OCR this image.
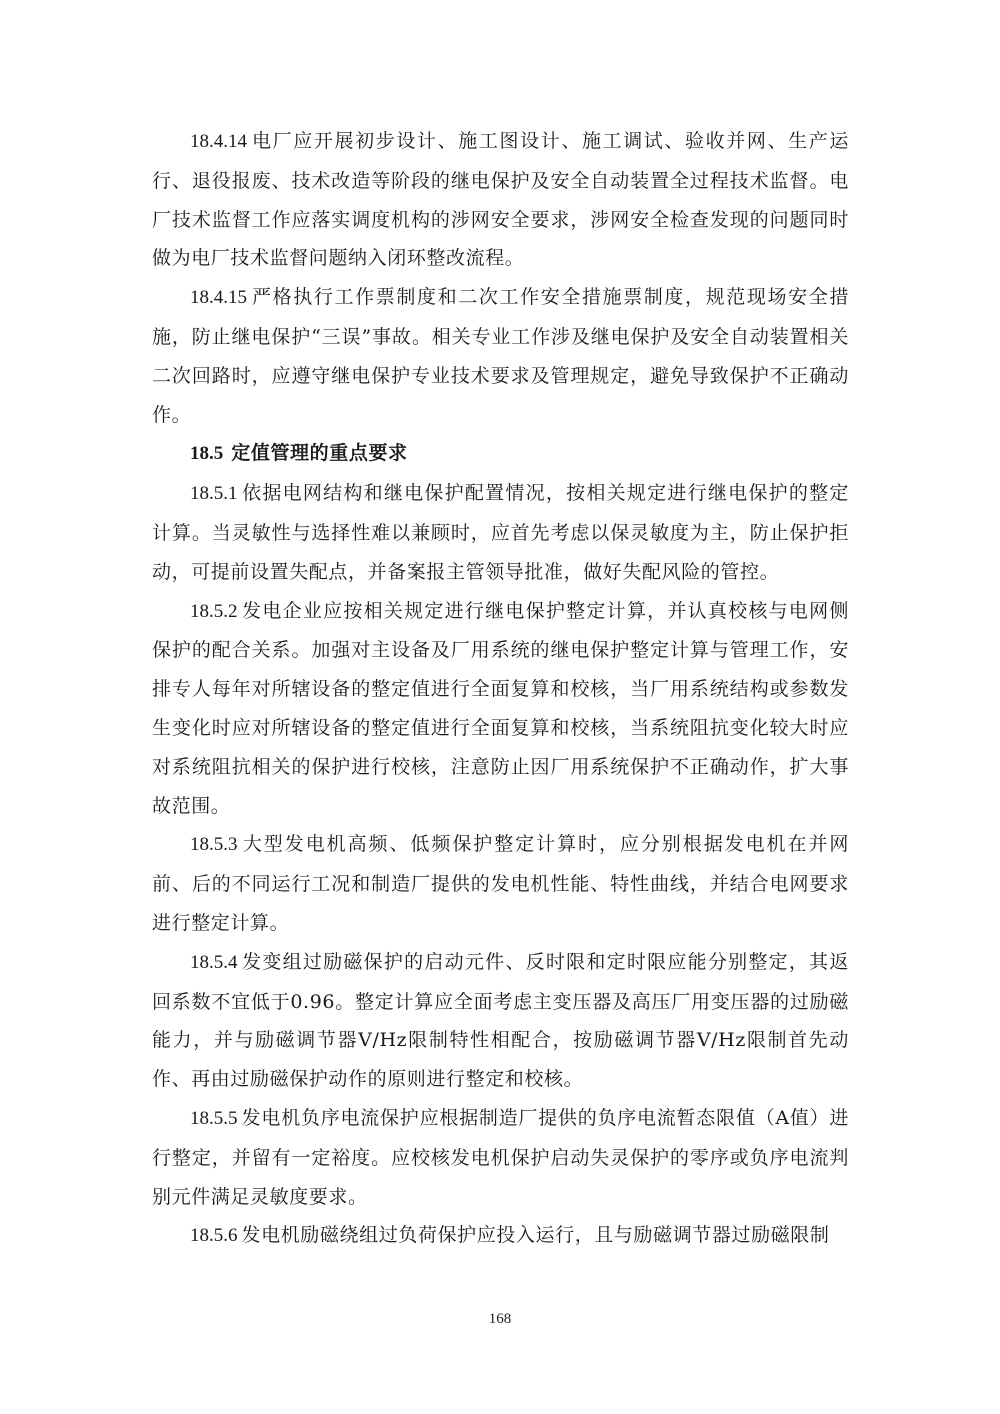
18.4.14 电厂应开展初步设计、施工图设计、施工调试、验收并网、生产运行、退役报废、技术改造等阶段的继电保护及安全自动装置全过程技术监督。电厂技术监督工作应落实调度机构的涉网安全要求，涉网安全检查发现的问题同时做为电厂技术监督问题纳入闭环整改流程。

18.4.15 严格执行工作票制度和二次工作安全措施票制度，规范现场安全措施，防止继电保护“三误”事故。相关专业工作涉及继电保护及安全自动装置相关二次回路时，应遵守继电保护专业技术要求及管理规定，避免导致保护不正确动作。

18.5 定值管理的重点要求

18.5.1 依据电网结构和继电保护配置情况，按相关规定进行继电保护的整定计算。当灵敏性与选择性难以兼顾时，应首先考虑以保灵敏度为主，防止保护拒动，可提前设置失配点，并备案报主管领导批准，做好失配风险的管控。

18.5.2 发电企业应按相关规定进行继电保护整定计算，并认真校核与电网侧保护的配合关系。加强对主设备及厂用系统的继电保护整定计算与管理工作，安排专人每年对所辖设备的整定值进行全面复算和校核，当厂用系统结构或参数发生变化时应对所辖设备的整定值进行全面复算和校核，当系统阻抗变化较大时应对系统阻抗相关的保护进行校核，注意防止因厂用系统保护不正确动作，扩大事故范围。

18.5.3 大型发电机高频、低频保护整定计算时，应分别根据发电机在并网前、后的不同运行工况和制造厂提供的发电机性能、特性曲线，并结合电网要求进行整定计算。

18.5.4 发变组过励磁保护的启动元件、反时限和定时限应能分别整定，其返回系数不宜低于0.96。整定计算应全面考虑主变压器及高压厂用变压器的过励磁能力，并与励磁调节器V/Hz限制特性相配合，按励磁调节器V/Hz限制首先动作、再由过励磁保护动作的原则进行整定和校核。

18.5.5 发电机负序电流保护应根据制造厂提供的负序电流暂态限值（A值）进行整定，并留有一定裕度。应校核发电机保护启动失灵保护的零序或负序电流判别元件满足灵敏度要求。

18.5.6 发电机励磁绕组过负荷保护应投入运行，且与励磁调节器过励磁限制

168
